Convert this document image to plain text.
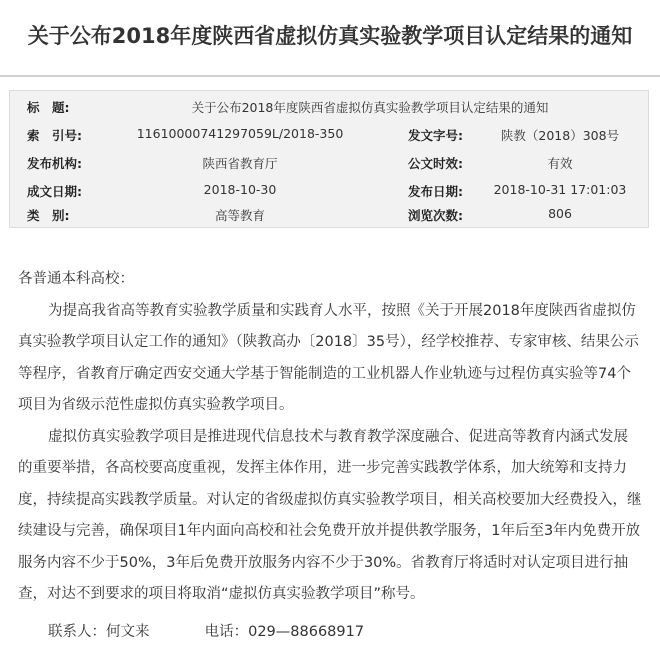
关于公布2018年度陕西省虚拟仿真实验教学项目认定结果的通知
标　题:	关于公布2018年度陕西省虚拟仿真实验教学项目认定结果的通知
索　引号:	11610000741297059L/2018-350	发文字号:	陕教（2018）308号
发布机构:	陕西省教育厅	公文时效:	有效
成文日期:	2018-10-30	发布日期:	2018-10-31 17:01:03
类　别:	高等教育	浏览次数:	806

各普通本科高校：

为提高我省高等教育实验教学质量和实践育人水平，按照《关于开展2018年度陕西省虚拟仿真实验教学项目认定工作的通知》（陕教高办〔2018〕35号），经学校推荐、专家审核、结果公示等程序，省教育厅确定西安交通大学基于智能制造的工业机器人作业轨迹与过程仿真实验等74个项目为省级示范性虚拟仿真实验教学项目。

虚拟仿真实验教学项目是推进现代信息技术与教育教学深度融合、促进高等教育内涵式发展的重要举措，各高校要高度重视，发挥主体作用，进一步完善实践教学体系，加大统筹和支持力度，持续提高实践教学质量。对认定的省级虚拟仿真实验教学项目，相关高校要加大经费投入，继续建设与完善，确保项目1年内面向高校和社会免费开放并提供教学服务，1年后至3年内免费开放服务内容不少于50%，3年后免费开放服务内容不少于30%。省教育厅将适时对认定项目进行抽查，对达不到要求的项目将取消“虚拟仿真实验教学项目”称号。

联系人：何文来	电话：029—88668917
